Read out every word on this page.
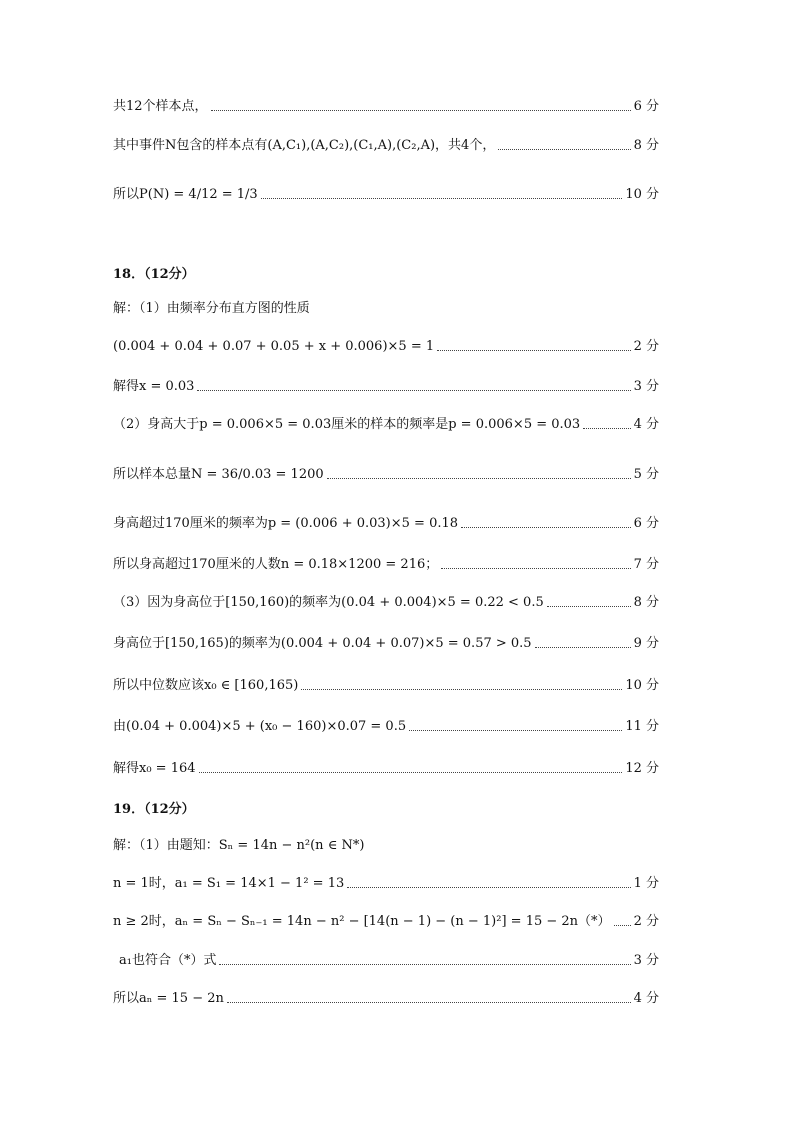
共12个样本点，	6 分
其中事件N包含的样本点有(A,C₁),(A,C₂),(C₁,A),(C₂,A)，共4个，	8 分
所以P(N) = 4/12 = 1/3	10 分
18．（12分）
解：（1）由频率分布直方图的性质
(0.004 + 0.04 + 0.07 + 0.05 + x + 0.006)×5 = 1	2 分
解得x = 0.03	3 分
（2）身高大于p = 0.006×5 = 0.03厘米的样本的频率是p = 0.006×5 = 0.03	4 分
所以样本总量N = 36/0.03 = 1200	5 分
身高超过170厘米的频率为p = (0.006 + 0.03)×5 = 0.18	6 分
所以身高超过170厘米的人数n = 0.18×1200 = 216；	7 分
（3）因为身高位于[150,160)的频率为(0.04 + 0.004)×5 = 0.22 < 0.5	8 分
身高位于[150,165)的频率为(0.004 + 0.04 + 0.07)×5 = 0.57 > 0.5	9 分
所以中位数应该x₀ ∈ [160,165)	10 分
由(0.04 + 0.004)×5 + (x₀ − 160)×0.07 = 0.5	11 分
解得x₀ = 164	12 分
19．（12分）
解：（1）由题知：Sₙ = 14n − n²(n ∈ N*)
n = 1时，a₁ = S₁ = 14×1 − 1² = 13	1 分
n ≥ 2时，aₙ = Sₙ − Sₙ₋₁ = 14n − n² − [14(n − 1) − (n − 1)²] = 15 − 2n（*） 2 分
a₁也符合（*）式	3 分
所以aₙ = 15 − 2n	4 分
